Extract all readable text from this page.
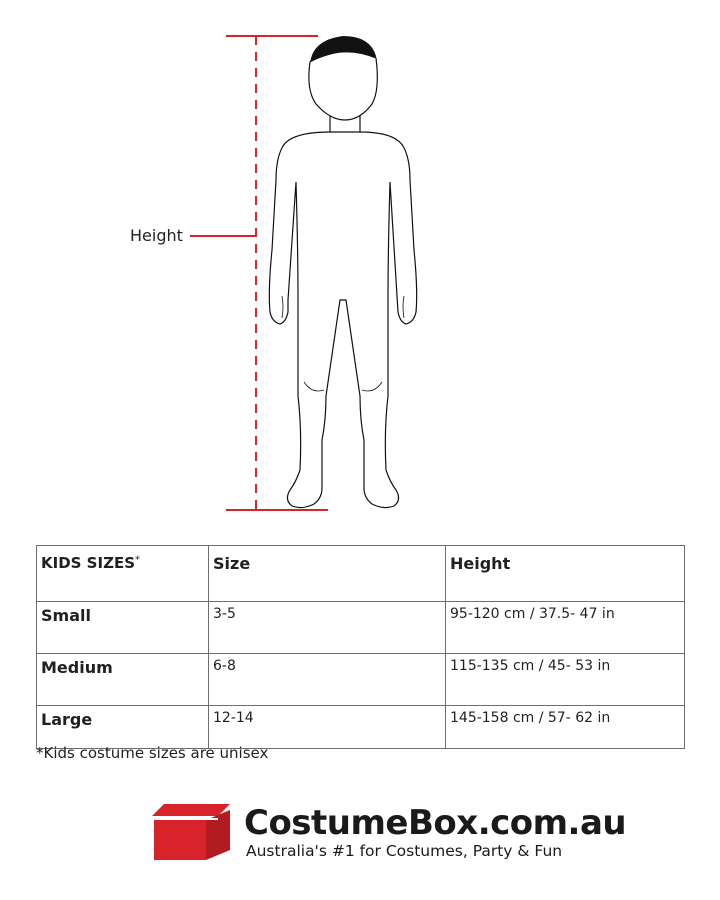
Height
KIDS SIZES*	Size	Height
Small	3-5	95-120 cm / 37.5- 47 in
Medium	6-8	115-135 cm / 45- 53 in
Large	12-14	145-158 cm / 57- 62 in
*Kids costume sizes are unisex
CostumeBox.com.au
Australia's #1 for Costumes, Party & Fun
